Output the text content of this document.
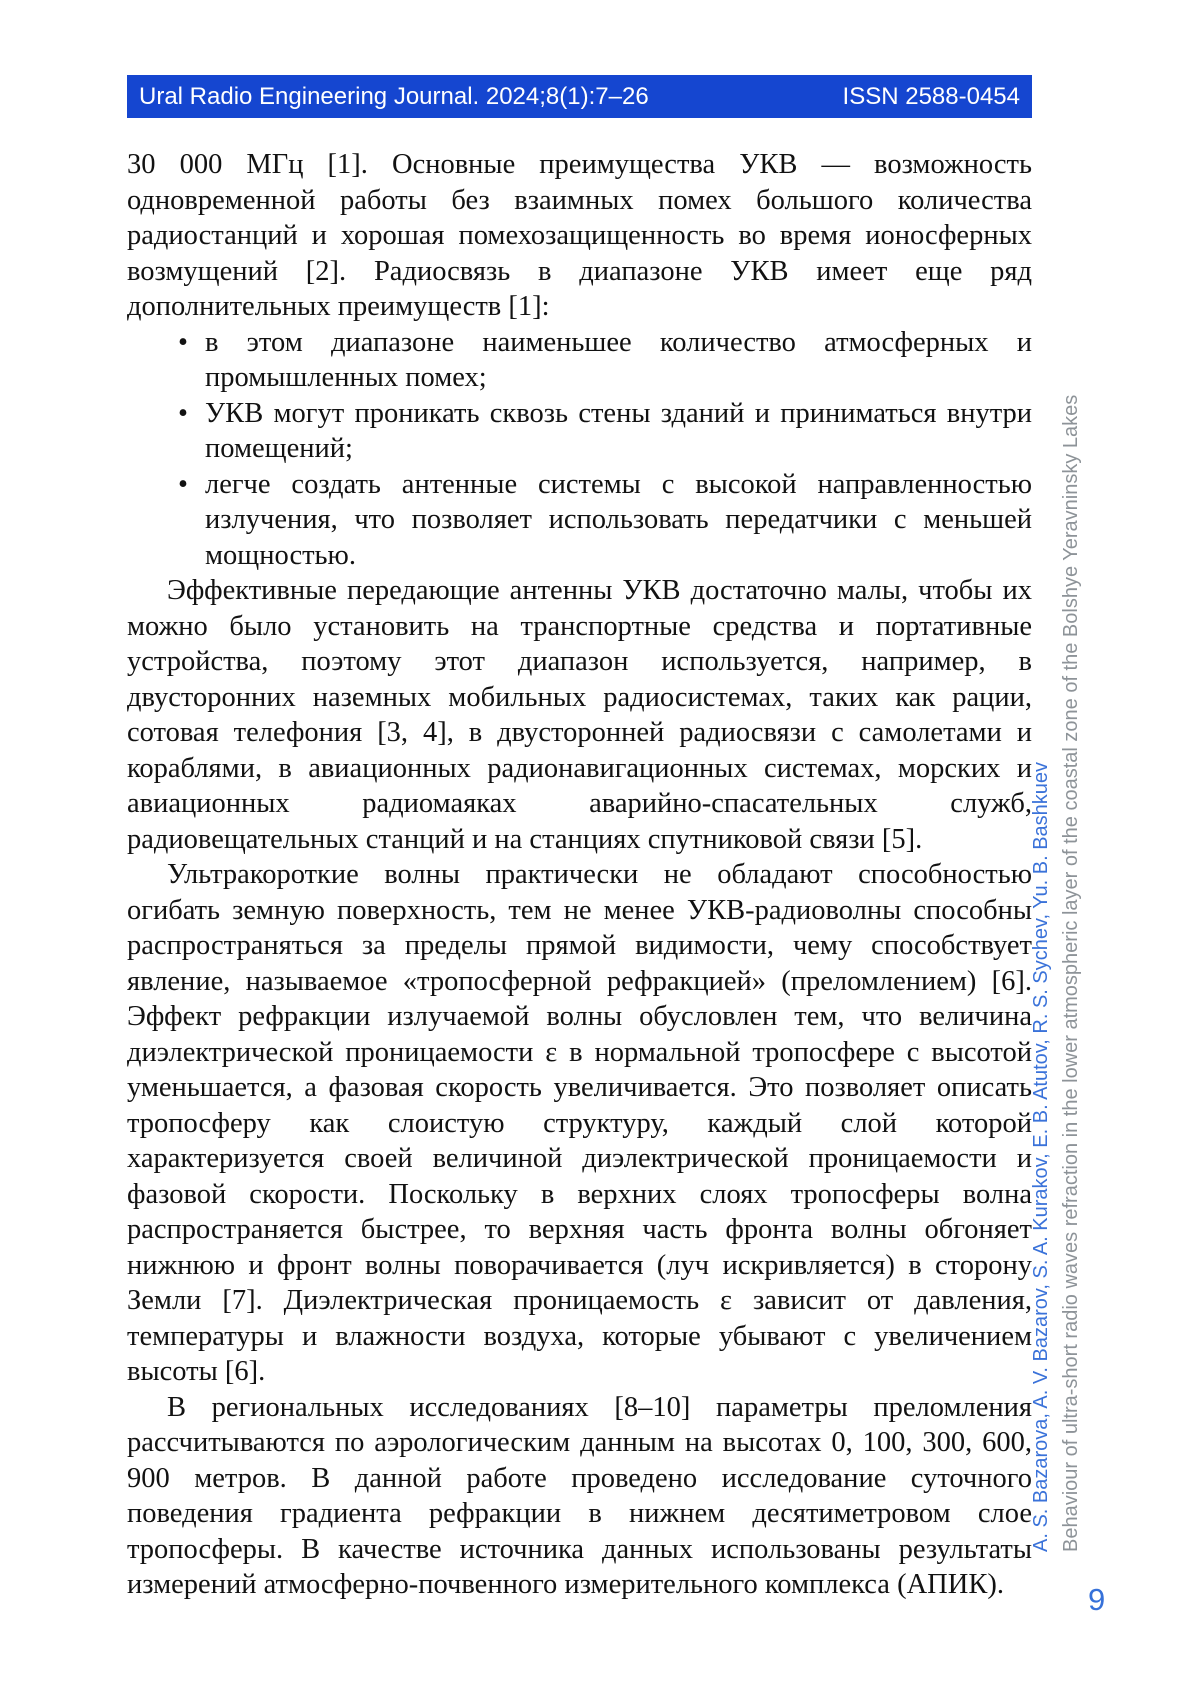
Ural Radio Engineering Journal. 2024;8(1):7–26	ISSN 2588-0454

30 000 МГц [1]. Основные преимущества УКВ — возможность одновременной работы без взаимных помех большого количества радиостанций и хорошая помехозащищенность во время ионосферных возмущений [2]. Радиосвязь в диапазоне УКВ имеет еще ряд дополнительных преимуществ [1]:

• в этом диапазоне наименьшее количество атмосферных и промышленных помех;
• УКВ могут проникать сквозь стены зданий и приниматься внутри помещений;
• легче создать антенные системы с высокой направленностью излучения, что позволяет использовать передатчики с меньшей мощностью.

Эффективные передающие антенны УКВ достаточно малы, чтобы их можно было установить на транспортные средства и портативные устройства, поэтому этот диапазон используется, например, в двусторонних наземных мобильных радиосистемах, таких как рации, сотовая телефония [3, 4], в двусторонней радиосвязи с самолетами и кораблями, в авиационных радионавигационных системах, морских и авиационных радиомаяках аварийно-спасательных служб, радиовещательных станций и на станциях спутниковой связи [5].

Ультракороткие волны практически не обладают способностью огибать земную поверхность, тем не менее УКВ-радиоволны способны распространяться за пределы прямой видимости, чему способствует явление, называемое «тропосферной рефракцией» (преломлением) [6]. Эффект рефракции излучаемой волны обусловлен тем, что величина диэлектрической проницаемости ε в нормальной тропосфере с высотой уменьшается, а фазовая скорость увеличивается. Это позволяет описать тропосферу как слоистую структуру, каждый слой которой характеризуется своей величиной диэлектрической проницаемости и фазовой скорости. Поскольку в верхних слоях тропосферы волна распространяется быстрее, то верхняя часть фронта волны обгоняет нижнюю и фронт волны поворачивается (луч искривляется) в сторону Земли [7]. Диэлектрическая проницаемость ε зависит от давления, температуры и влажности воздуха, которые убывают с увеличением высоты [6].

В региональных исследованиях [8–10] параметры преломления рассчитываются по аэрологическим данным на высотах 0, 100, 300, 600, 900 метров. В данной работе проведено исследование суточного поведения градиента рефракции в нижнем десятиметровом слое тропосферы. В качестве источника данных использованы результаты измерений атмосферно-почвенного измерительного комплекса (АПИК).

A. S. Bazarova, A. V. Bazarov, S. A. Kurakov, E. B. Atutov, R. S. Sychev, Yu. B. Bashkuev Behaviour of ultra-short radio waves refraction in the lower atmospheric layer of the coastal zone of the Bolshye Yeravninsky Lakes
9
